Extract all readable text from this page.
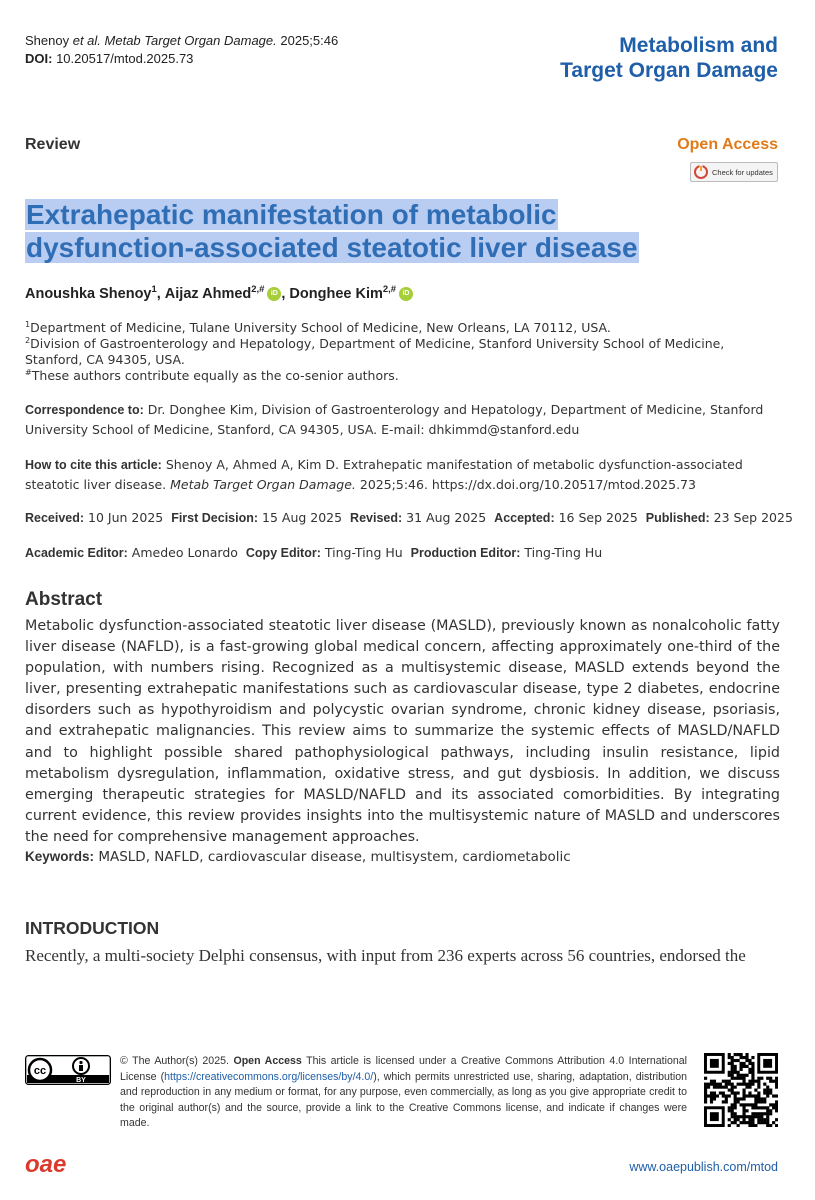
Shenoy et al. Metab Target Organ Damage. 2025;5:46
DOI: 10.20517/mtod.2025.73
Metabolism and
Target Organ Damage
Review	Open Access
Check for updates
Extrahepatic manifestation of metabolic
dysfunction-associated steatotic liver disease
Anoushka Shenoy$^1$ ,
Aijaz Ahmed$^{2,\#}$ iD ,
Donghee Kim$^{2,\#}$ iD
$^1$Department of Medicine, Tulane University School of Medicine, New Orleans, LA 70112, USA.
$^2$Division of Gastroenterology and Hepatology, Department of Medicine, Stanford University School of Medicine, Stanford, CA 94305, USA.
#These authors contribute equally as the co-senior authors.
Correspondence to: Dr. Donghee Kim, Division of Gastroenterology and Hepatology, Department of Medicine, Stanford University School of Medicine, Stanford, CA 94305, USA. E-mail: dhkimmd@stanford.edu
How to cite this article: Shenoy A, Ahmed A, Kim D. Extrahepatic manifestation of metabolic dysfunction-associated steatotic liver disease. Metab Target Organ Damage. 2025;5:46. https://dx.doi.org/10.20517/mtod.2025.73
Received: 10 Jun 2025 First Decision: 15 Aug 2025 Revised: 31 Aug 2025 Accepted: 16 Sep 2025 Published: 23 Sep 2025
Academic Editor: Amedeo Lonardo Copy Editor: Ting-Ting Hu Production Editor: Ting-Ting Hu
Abstract
Metabolic dysfunction-associated steatotic liver disease (MASLD), previously known as nonalcoholic fatty liver disease (NAFLD), is a fast-growing global medical concern, affecting approximately one-third of the population, with numbers rising. Recognized as a multisystemic disease, MASLD extends beyond the liver, presenting extrahepatic manifestations such as cardiovascular disease, type 2 diabetes, endocrine disorders such as hypothyroidism and polycystic ovarian syndrome, chronic kidney disease, psoriasis, and extrahepatic malignancies. This review aims to summarize the systemic effects of MASLD/NAFLD and to highlight possible shared pathophysiological pathways, including insulin resistance, lipid metabolism dysregulation, inflammation, oxidative stress, and gut dysbiosis. In addition, we discuss emerging therapeutic strategies for MASLD/NAFLD and its associated comorbidities. By integrating current evidence, this review provides insights into the multisystemic nature of MASLD and underscores the need for comprehensive management approaches.
Keywords: MASLD, NAFLD, cardiovascular disease, multisystem, cardiometabolic
INTRODUCTION
Recently, a multi-society Delphi consensus, with input from 236 experts across 56 countries, endorsed the
cc
BY
© The Author(s) 2025. Open Access This article is licensed under a Creative Commons Attribution 4.0 International License (https://creativecommons.org/licenses/by/4.0/), which permits unrestricted use, sharing, adaptation, distribution and reproduction in any medium or format, for any purpose, even commercially, as long as you give appropriate credit to the original author(s) and the source, provide a link to the Creative Commons license, and indicate if changes were made.
oae	www.oaepublish.com/mtod
